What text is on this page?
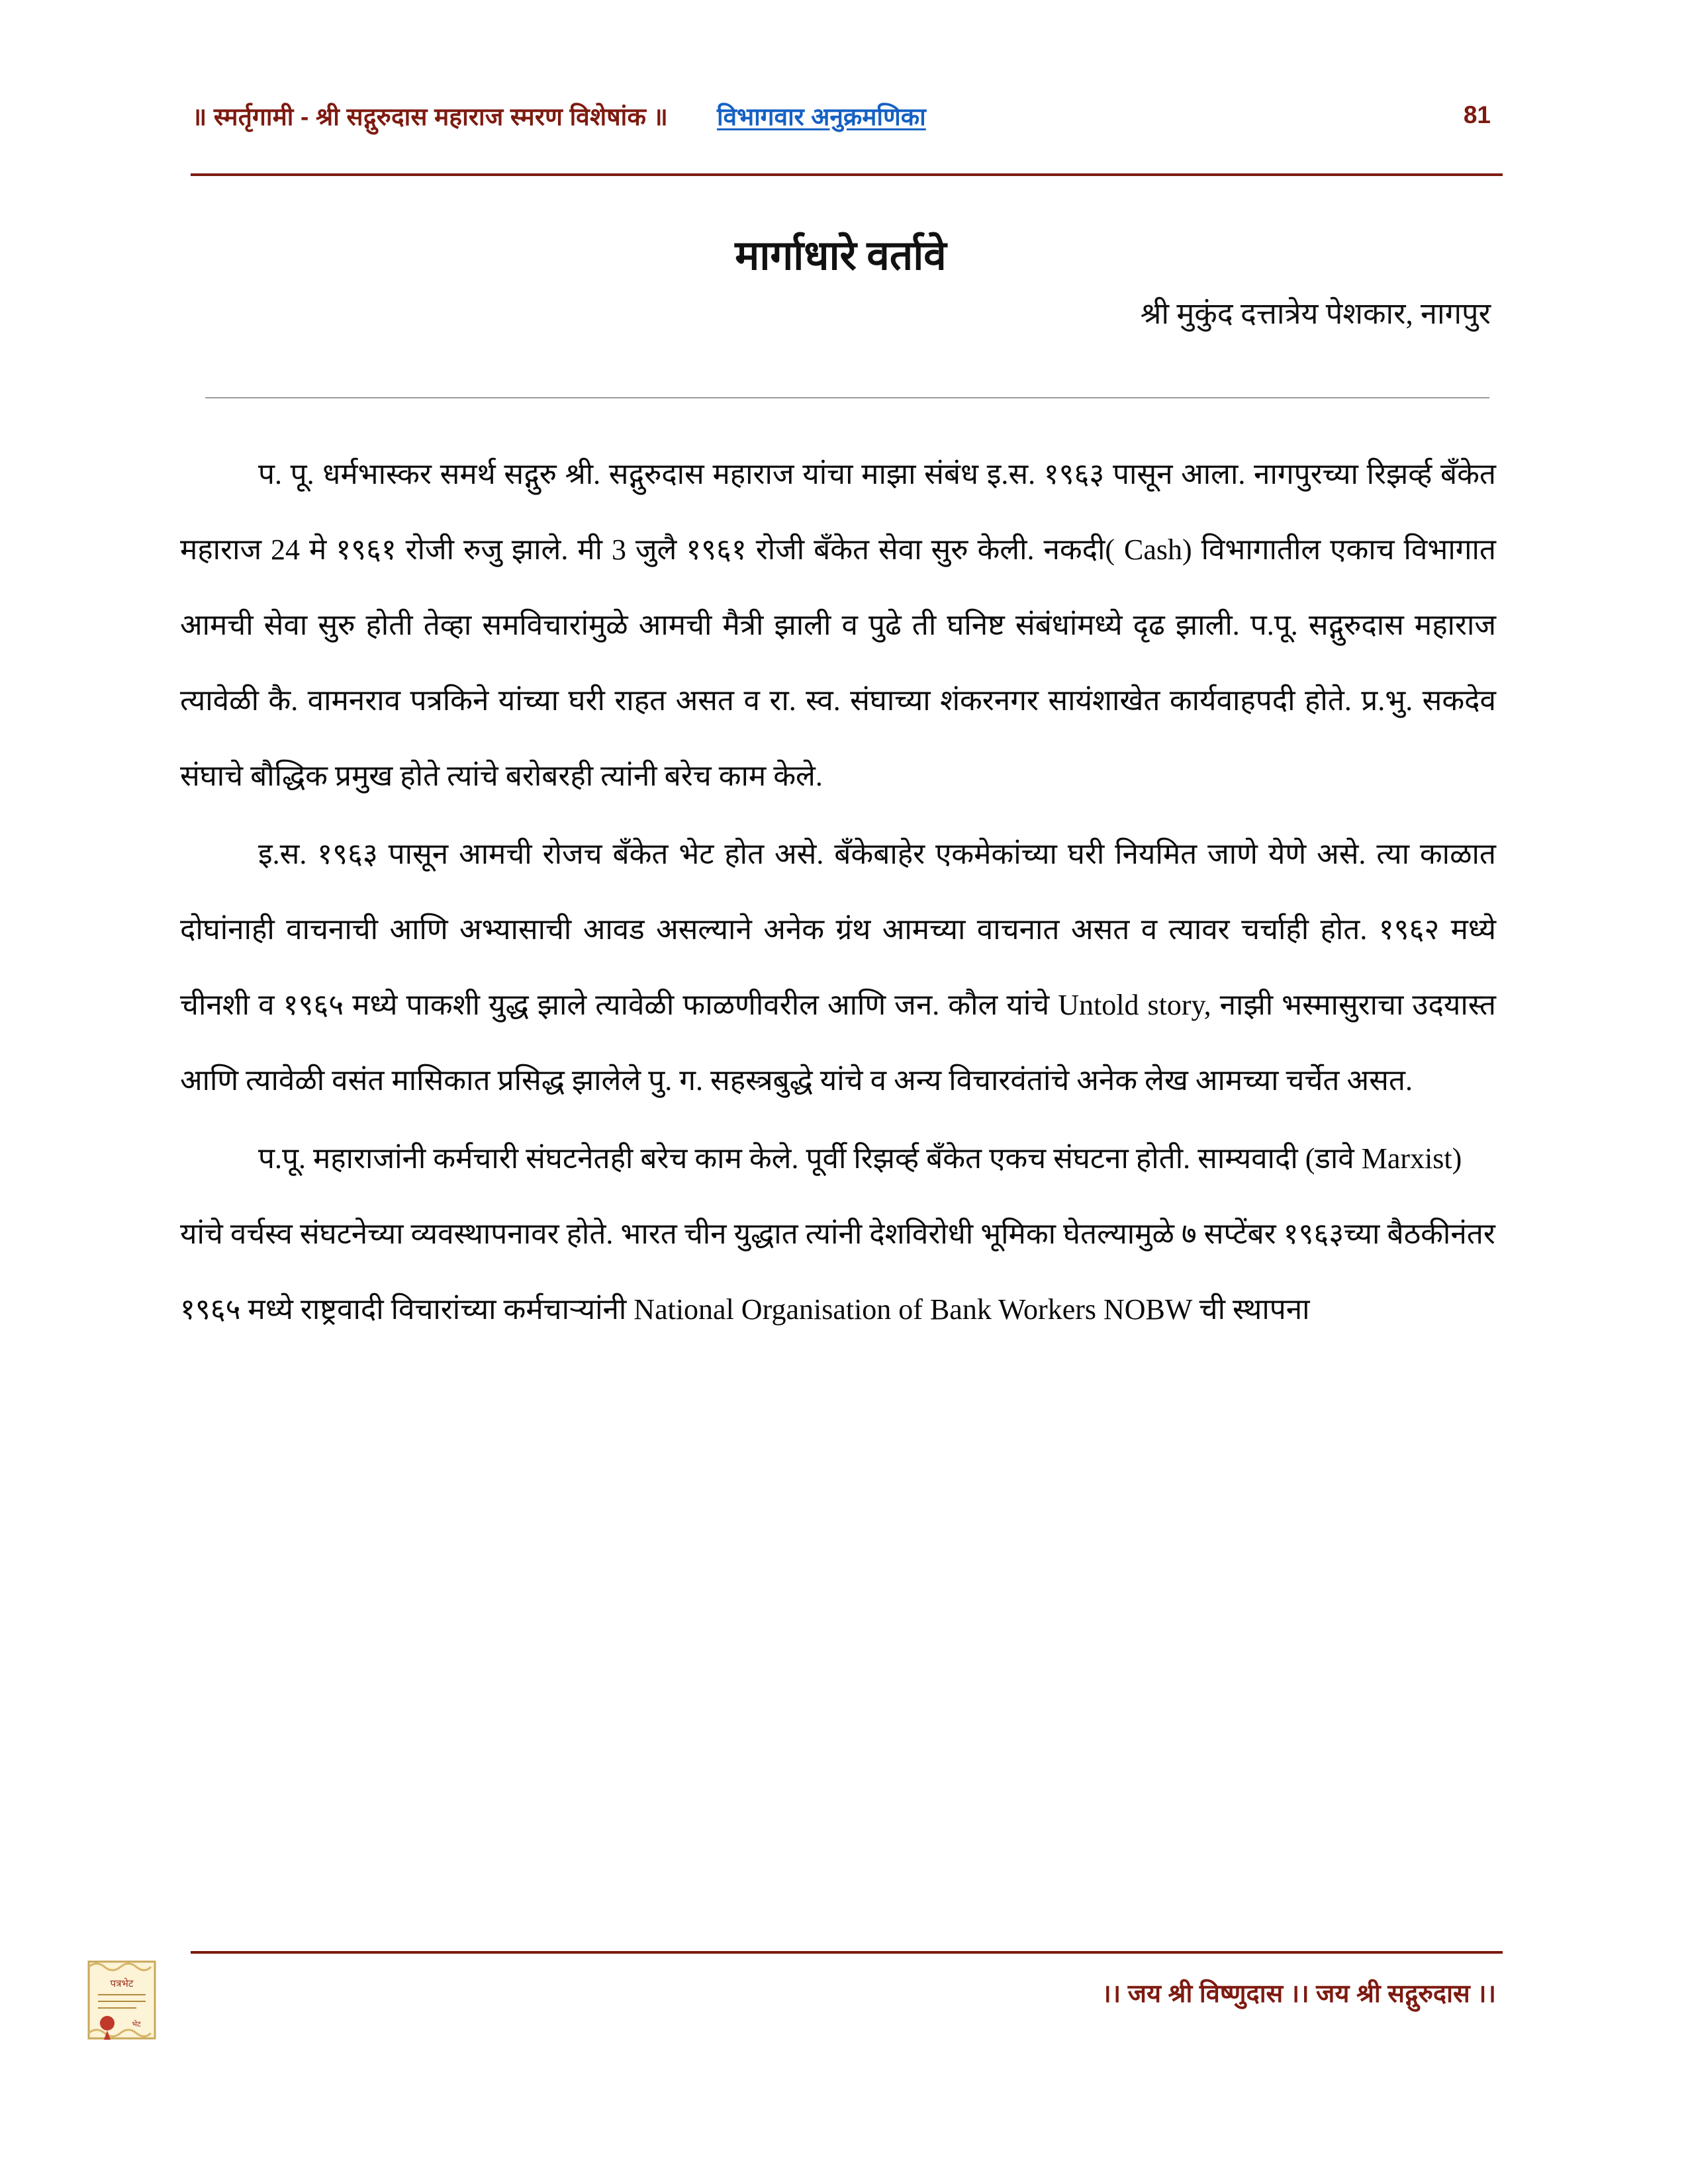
॥ स्मर्तृगामी - श्री सद्गुरुदास महाराज स्मरण विशेषांक ॥ विभागवार अनुक्रमणिका	81
मार्गाधारे वर्तावे
श्री मुकुंद दत्तात्रेय पेशकार, नागपुर

प. पू. धर्मभास्कर समर्थ सद्गुरु श्री. सद्गुरुदास महाराज यांचा माझा संबंध इ.स. १९६३ पासून आला. नागपुरच्या रिझर्व्ह बँकेत महाराज 24 मे १९६१ रोजी रुजु झाले. मी 3 जुलै १९६१ रोजी बँकेत सेवा सुरु केली. नकदी( Cash) विभागातील एकाच विभागात आमची सेवा सुरु होती तेव्हा समविचारांमुळे आमची मैत्री झाली व पुढे ती घनिष्ट संबंधांमध्ये दृढ झाली. प.पू. सद्गुरुदास महाराज त्यावेळी कै. वामनराव पत्रकिने यांच्या घरी राहत असत व रा. स्व. संघाच्या शंकरनगर सायंशाखेत कार्यवाहपदी होते. प्र.भु. सकदेव संघाचे बौद्धिक प्रमुख होते त्यांचे बरोबरही त्यांनी बरेच काम केले.

इ.स. १९६३ पासून आमची रोजच बँकेत भेट होत असे. बँकेबाहेर एकमेकांच्या घरी नियमित जाणे येणे असे. त्या काळात दोघांनाही वाचनाची आणि अभ्यासाची आवड असल्याने अनेक ग्रंथ आमच्या वाचनात असत व त्यावर चर्चाही होत. १९६२ मध्ये चीनशी व १९६५ मध्ये पाकशी युद्ध झाले त्यावेळी फाळणीवरील आणि जन. कौल यांचे Untold story, नाझी भस्मासुराचा उदयास्त आणि त्यावेळी वसंत मासिकात प्रसिद्ध झालेले पु. ग. सहस्त्रबुद्धे यांचे व अन्य विचारवंतांचे अनेक लेख आमच्या चर्चेत असत.

प.पू. महाराजांनी कर्मचारी संघटनेतही बरेच काम केले. पूर्वी रिझर्व्ह बँकेत एकच संघटना होती. साम्यवादी (डावे Marxist) यांचे वर्चस्व संघटनेच्या व्यवस्थापनावर होते. भारत चीन युद्धात त्यांनी देशविरोधी भूमिका घेतल्यामुळे ७ सप्टेंबर १९६३च्या बैठकीनंतर १९६५ मध्ये राष्ट्रवादी विचारांच्या कर्मचाऱ्यांनी National Organisation of Bank Workers NOBW ची स्थापना

।। जय श्री विष्णुदास ।। जय श्री सद्गुरुदास ।।
पत्रभेट
भेट
